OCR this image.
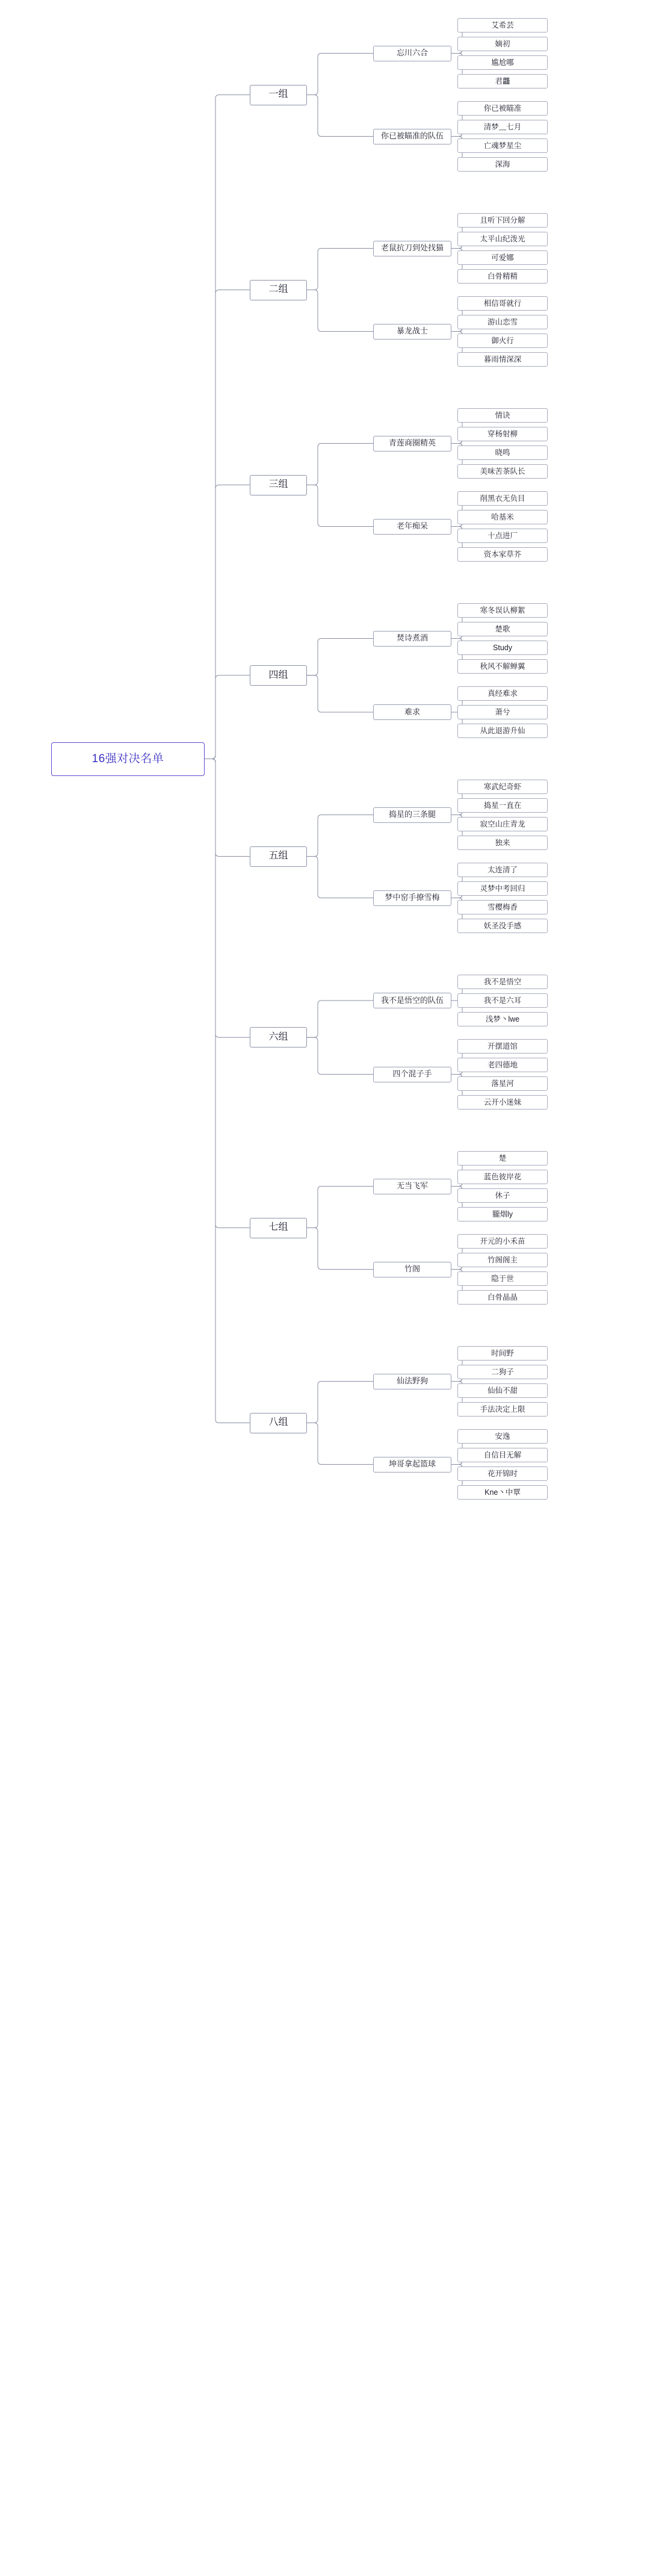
艾希芸
嫡初
尴尬哪
君龘
忘川六合
你已被瞄准
清梦﹏七月
亡魂梦星尘
深海
你已被瞄准的队伍
一组
且听下回分解
太平山纪泼光
可爱娜
白骨精精
老鼠抗刀到处找猫
相信哥就行
游山恋雪
御火行
暮雨情深深
暴龙战士
二组
情诀
穿杨射柳
晓鸣
美味苦茶队长
青莲商圈精英
削黑衣无负目
哈基米
十点进厂
资本家草芥
老年痴呆
三组
寒冬误认柳絮
楚歌
Study
秋风不解蝉翼
焚诗煮酒
真经难求
萧兮
从此退游升仙
难求
四组
寒武纪奇虾
捣星一直在
寂空山庄青龙
独来
捣星的三条腿
太连清了
灵梦中考回归
雪樱梅香
妖圣没手感
梦中窑手撩雪梅
五组
我不是悟空
我不是六耳
浅梦丶lwe
我不是悟空的队伍
开摆道馆
老四德地
落星河
云开小迷妹
四个混子手
六组
楚
蓝色彼岸花
休子
朧烟ly
无当飞军
开元的小禾苗
竹阁阁主
隐于世
白骨晶晶
竹阁
七组
时间野
二狗子
仙仙不甜
手法决定上限
仙法野狗
安逸
自信目无解
花开锦时
Kne丶中覃
坤哥拿起篮球
八组
16强对决名单
